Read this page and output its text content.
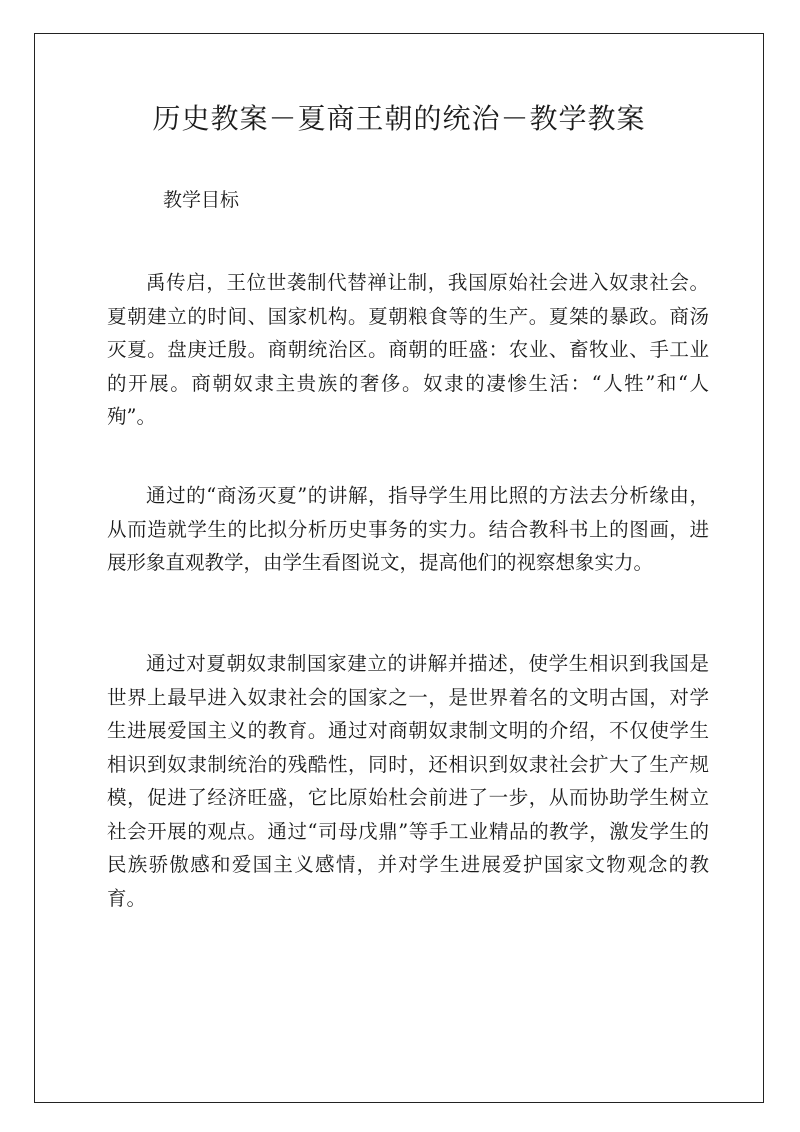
历史教案－夏商王朝的统治－教学教案
教学目标

禹传启，王位世袭制代替禅让制，我国原始社会进入奴隶社会。夏朝建立的时间、国家机构。夏朝粮食等的生产。夏桀的暴政。商汤灭夏。盘庚迁殷。商朝统治区。商朝的旺盛：农业、畜牧业、手工业的开展。商朝奴隶主贵族的奢侈。奴隶的凄惨生活：“人牲”和“人殉”。

通过的“商汤灭夏”的讲解，指导学生用比照的方法去分析缘由，从而造就学生的比拟分析历史事务的实力。结合教科书上的图画，进展形象直观教学，由学生看图说文，提高他们的视察想象实力。

通过对夏朝奴隶制国家建立的讲解并描述，使学生相识到我国是世界上最早进入奴隶社会的国家之一，是世界着名的文明古国，对学生进展爱国主义的教育。通过对商朝奴隶制文明的介绍，不仅使学生相识到奴隶制统治的残酷性，同时，还相识到奴隶社会扩大了生产规模，促进了经济旺盛，它比原始杜会前进了一步，从而协助学生树立社会开展的观点。通过“司母戊鼎”等手工业精品的教学，激发学生的民族骄傲感和爱国主义感情，并对学生进展爱护国家文物观念的教育。
